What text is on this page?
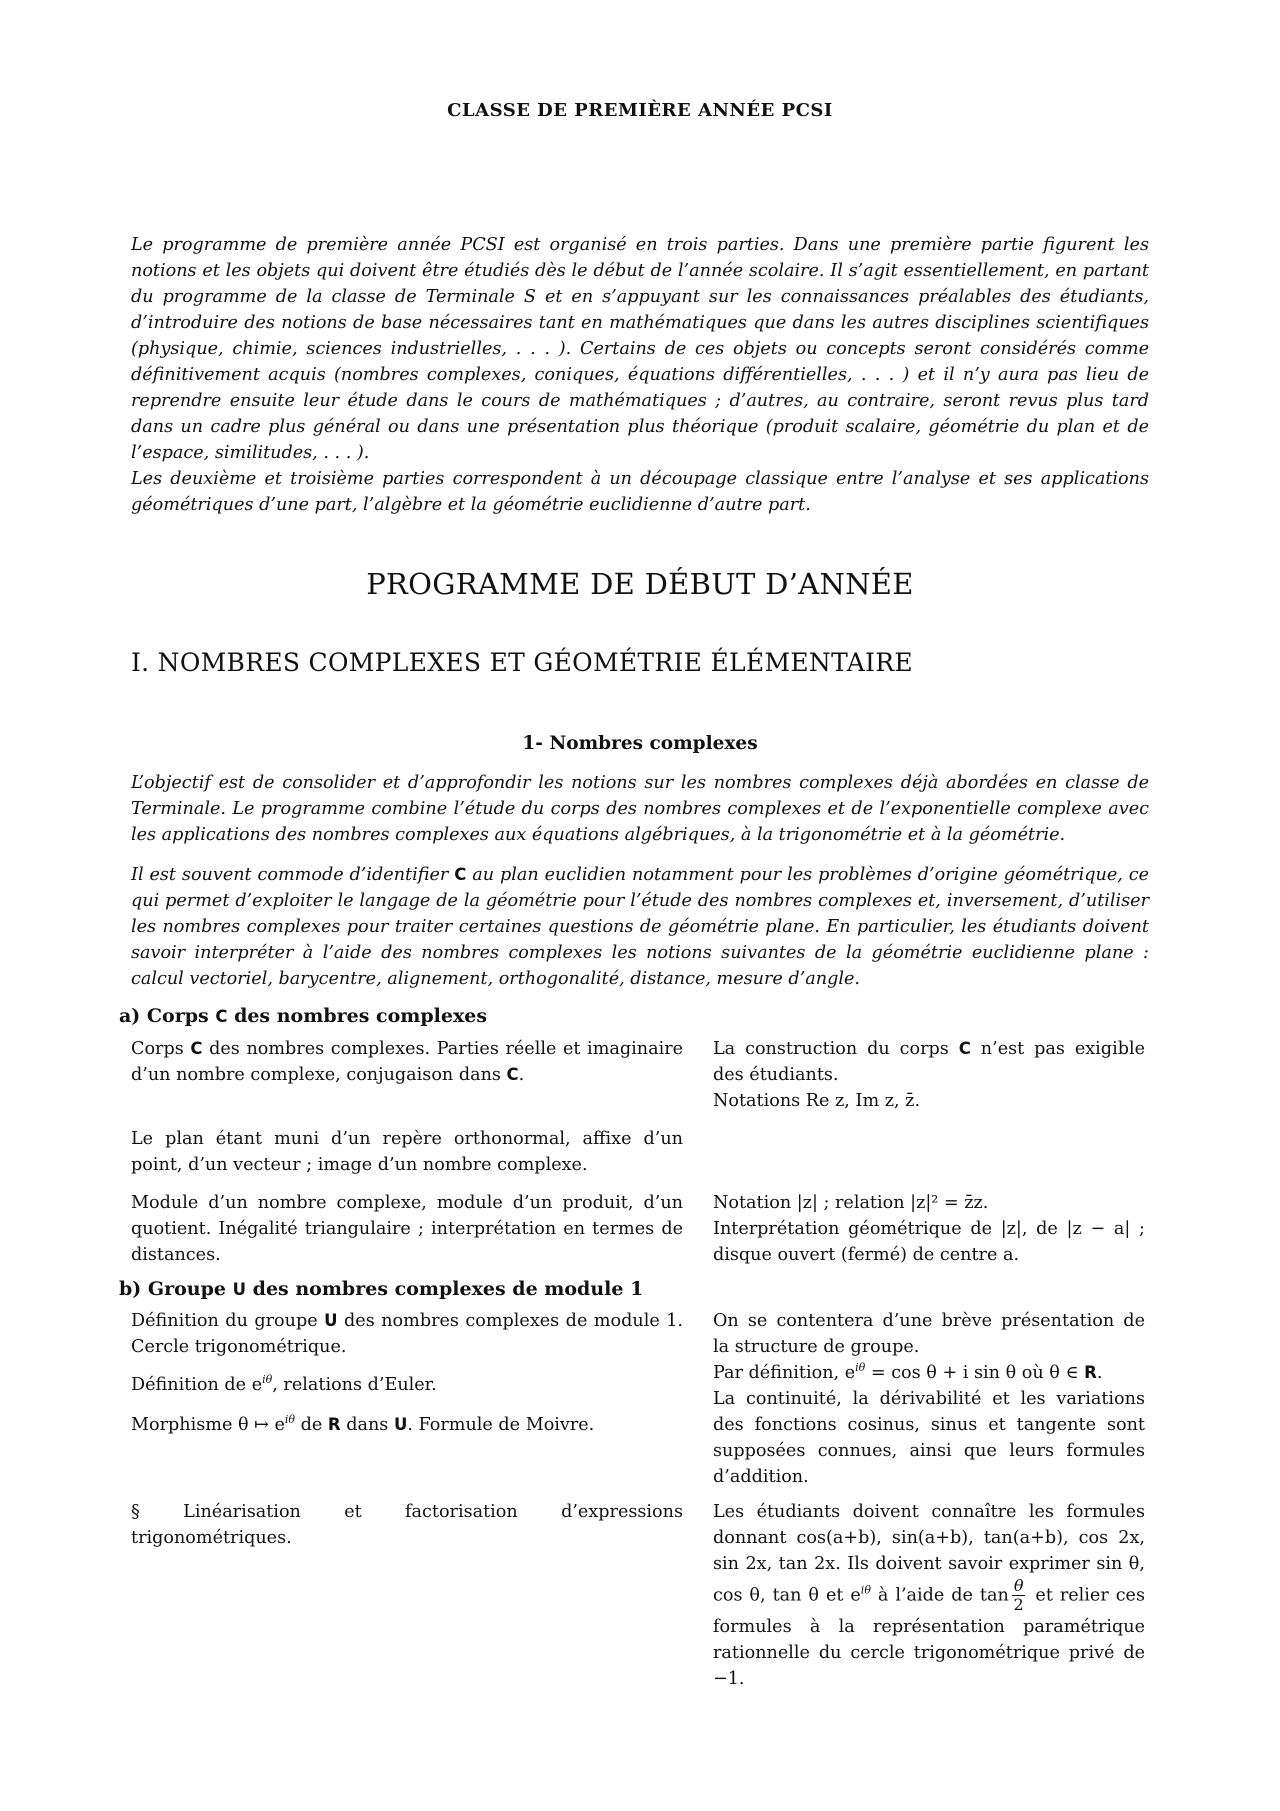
CLASSE DE PREMIÈRE ANNÉE PCSI

Le programme de première année PCSI est organisé en trois parties. Dans une première partie figurent les notions et les objets qui doivent être étudiés dès le début de l’année scolaire. Il s’agit essentiellement, en partant du programme de la classe de Terminale S et en s’appuyant sur les connaissances préalables des étudiants, d’introduire des notions de base nécessaires tant en mathématiques que dans les autres disciplines scientifiques (physique, chimie, sciences industrielles, . . . ). Certains de ces objets ou concepts seront considérés comme définitivement acquis (nombres complexes, coniques, équations différentielles, . . . ) et il n’y aura pas lieu de reprendre ensuite leur étude dans le cours de mathématiques ; d’autres, au contraire, seront revus plus tard dans un cadre plus général ou dans une présentation plus théorique (produit scalaire, géométrie du plan et de l’espace, similitudes, . . . ).

Les deuxième et troisième parties correspondent à un découpage classique entre l’analyse et ses applications géométriques d’une part, l’algèbre et la géométrie euclidienne d’autre part.

PROGRAMME DE DÉBUT D’ANNÉE
I. NOMBRES COMPLEXES ET GÉOMÉTRIE ÉLÉMENTAIRE
1- Nombres complexes

L’objectif est de consolider et d’approfondir les notions sur les nombres complexes déjà abordées en classe de Terminale. Le programme combine l’étude du corps des nombres complexes et de l’exponentielle complexe avec les applications des nombres complexes aux équations algébriques, à la trigonométrie et à la géométrie.

Il est souvent commode d’identifier C au plan euclidien notamment pour les problèmes d’origine géométrique, ce qui permet d’exploiter le langage de la géométrie pour l’étude des nombres complexes et, inversement, d’utiliser les nombres complexes pour traiter certaines questions de géométrie plane. En particulier, les étudiants doivent savoir interpréter à l’aide des nombres complexes les notions suivantes de la géométrie euclidienne plane : calcul vectoriel, barycentre, alignement, orthogonalité, distance, mesure d’angle.

a) Corps C des nombres complexes

Corps C des nombres complexes. Parties réelle et imaginaire d’un nombre complexe, conjugaison dans C.

Le plan étant muni d’un repère orthonormal, affixe d’un point, d’un vecteur ; image d’un nombre complexe.

Module d’un nombre complexe, module d’un produit, d’un quotient. Inégalité triangulaire ; interprétation en termes de distances.

La construction du corps C n’est pas exigible des étudiants.
Notations Re z, Im z, z̄.

Notation |z| ; relation |z|² = z̄z.
Interprétation géométrique de |z|, de |z − a| ; disque ouvert (fermé) de centre a.

b) Groupe U des nombres complexes de module 1

Définition du groupe U des nombres complexes de module 1. Cercle trigonométrique.

Définition de $e^{i\theta}$, relations d’Euler.

Morphisme θ ↦ $e^{i\theta}$ de R dans U. Formule de Moivre.

§ Linéarisation et factorisation d’expressions trigonométriques.

On se contentera d’une brève présentation de la structure de groupe.

Par définition, $e^{i\theta} = \cos \theta + i$ sin θ où θ ∈ R.

La continuité, la dérivabilité et les variations des fonctions cosinus, sinus et tangente sont supposées connues, ainsi que leurs formules d’addition.

Les étudiants doivent connaître les formules donnant cos(a+b), sin(a+b), tan(a+b), cos 2x, sin 2x, tan 2x. Ils doivent savoir exprimer sin θ, cos θ, tan θ et $e^{i\theta}$ à l’aide de $\tan \frac{\theta}{2}$ et relier ces formules à la représentation paramétrique rationnelle du cercle trigonométrique privé de −1.
